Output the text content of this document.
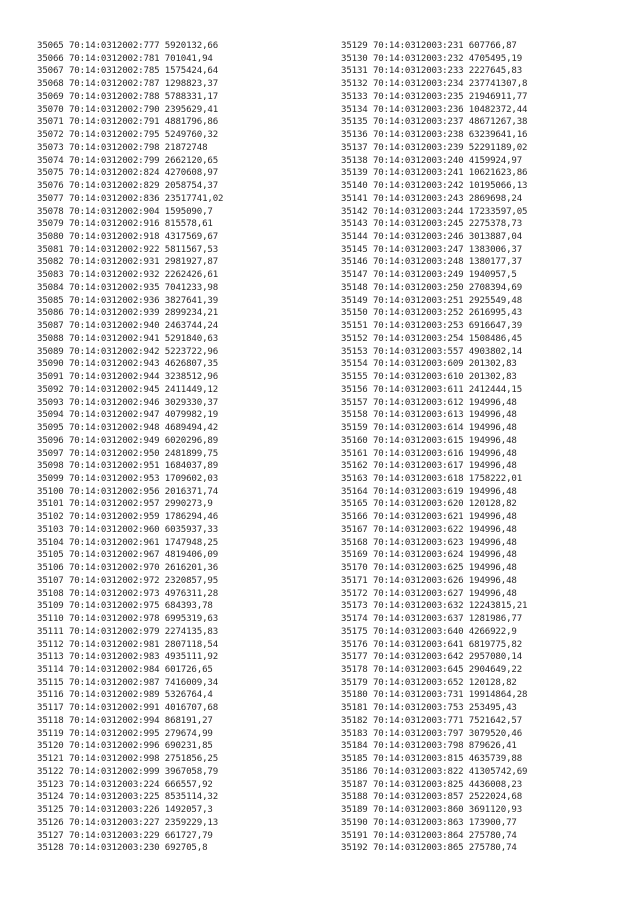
35065 70:14:0312002:777 5920132,66
35066 70:14:0312002:781 701041,94
35067 70:14:0312002:785 1575424,64
35068 70:14:0312002:787 1298823,37
35069 70:14:0312002:788 5788331,17
35070 70:14:0312002:790 2395629,41
35071 70:14:0312002:791 4881796,86
35072 70:14:0312002:795 5249760,32
35073 70:14:0312002:798 21872748
35074 70:14:0312002:799 2662120,65
35075 70:14:0312002:824 4270608,97
35076 70:14:0312002:829 2058754,37
35077 70:14:0312002:836 23517741,02
35078 70:14:0312002:904 1595090,7
35079 70:14:0312002:916 815578,61
35080 70:14:0312002:918 4317569,67
35081 70:14:0312002:922 5811567,53
35082 70:14:0312002:931 2981927,87
35083 70:14:0312002:932 2262426,61
35084 70:14:0312002:935 7041233,98
35085 70:14:0312002:936 3827641,39
35086 70:14:0312002:939 2899234,21
35087 70:14:0312002:940 2463744,24
35088 70:14:0312002:941 5291840,63
35089 70:14:0312002:942 5223722,96
35090 70:14:0312002:943 4626807,35
35091 70:14:0312002:944 3238512,96
35092 70:14:0312002:945 2411449,12
35093 70:14:0312002:946 3029330,37
35094 70:14:0312002:947 4079982,19
35095 70:14:0312002:948 4689494,42
35096 70:14:0312002:949 6020296,89
35097 70:14:0312002:950 2481899,75
35098 70:14:0312002:951 1684037,89
35099 70:14:0312002:953 1709602,03
35100 70:14:0312002:956 2016371,74
35101 70:14:0312002:957 2990273,9
35102 70:14:0312002:959 1786294,46
35103 70:14:0312002:960 6035937,33
35104 70:14:0312002:961 1747948,25
35105 70:14:0312002:967 4819406,09
35106 70:14:0312002:970 2616201,36
35107 70:14:0312002:972 2320857,95
35108 70:14:0312002:973 4976311,28
35109 70:14:0312002:975 684393,78
35110 70:14:0312002:978 6995319,63
35111 70:14:0312002:979 2274135,83
35112 70:14:0312002:981 2807118,54
35113 70:14:0312002:983 4935111,92
35114 70:14:0312002:984 601726,65
35115 70:14:0312002:987 7416009,34
35116 70:14:0312002:989 5326764,4
35117 70:14:0312002:991 4016707,68
35118 70:14:0312002:994 868191,27
35119 70:14:0312002:995 279674,99
35120 70:14:0312002:996 690231,85
35121 70:14:0312002:998 2751856,25
35122 70:14:0312002:999 3967058,79
35123 70:14:0312003:224 666557,92
35124 70:14:0312003:225 8535114,32
35125 70:14:0312003:226 1492057,3
35126 70:14:0312003:227 2359229,13
35127 70:14:0312003:229 661727,79
35128 70:14:0312003:230 692705,8
35129 70:14:0312003:231 607766,87
35130 70:14:0312003:232 4705495,19
35131 70:14:0312003:233 2227645,83
35132 70:14:0312003:234 237741307,8
35133 70:14:0312003:235 21946911,77
35134 70:14:0312003:236 10482372,44
35135 70:14:0312003:237 48671267,38
35136 70:14:0312003:238 63239641,16
35137 70:14:0312003:239 52291189,02
35138 70:14:0312003:240 4159924,97
35139 70:14:0312003:241 10621623,86
35140 70:14:0312003:242 10195066,13
35141 70:14:0312003:243 2869698,24
35142 70:14:0312003:244 17233597,05
35143 70:14:0312003:245 2275378,73
35144 70:14:0312003:246 3013887,04
35145 70:14:0312003:247 1383006,37
35146 70:14:0312003:248 1380177,37
35147 70:14:0312003:249 1940957,5
35148 70:14:0312003:250 2708394,69
35149 70:14:0312003:251 2925549,48
35150 70:14:0312003:252 2616995,43
35151 70:14:0312003:253 6916647,39
35152 70:14:0312003:254 1508486,45
35153 70:14:0312003:557 4903802,14
35154 70:14:0312003:609 201302,83
35155 70:14:0312003:610 201302,83
35156 70:14:0312003:611 2412444,15
35157 70:14:0312003:612 194996,48
35158 70:14:0312003:613 194996,48
35159 70:14:0312003:614 194996,48
35160 70:14:0312003:615 194996,48
35161 70:14:0312003:616 194996,48
35162 70:14:0312003:617 194996,48
35163 70:14:0312003:618 1758222,01
35164 70:14:0312003:619 194996,48
35165 70:14:0312003:620 120128,82
35166 70:14:0312003:621 194996,48
35167 70:14:0312003:622 194996,48
35168 70:14:0312003:623 194996,48
35169 70:14:0312003:624 194996,48
35170 70:14:0312003:625 194996,48
35171 70:14:0312003:626 194996,48
35172 70:14:0312003:627 194996,48
35173 70:14:0312003:632 12243815,21
35174 70:14:0312003:637 1281986,77
35175 70:14:0312003:640 4266922,9
35176 70:14:0312003:641 6819775,82
35177 70:14:0312003:642 2957080,14
35178 70:14:0312003:645 2904649,22
35179 70:14:0312003:652 120128,82
35180 70:14:0312003:731 19914864,28
35181 70:14:0312003:753 253495,43
35182 70:14:0312003:771 7521642,57
35183 70:14:0312003:797 3079520,46
35184 70:14:0312003:798 879626,41
35185 70:14:0312003:815 4635739,88
35186 70:14:0312003:822 41305742,69
35187 70:14:0312003:825 4436008,23
35188 70:14:0312003:857 2522024,68
35189 70:14:0312003:860 3691120,93
35190 70:14:0312003:863 173900,77
35191 70:14:0312003:864 275780,74
35192 70:14:0312003:865 275780,74
